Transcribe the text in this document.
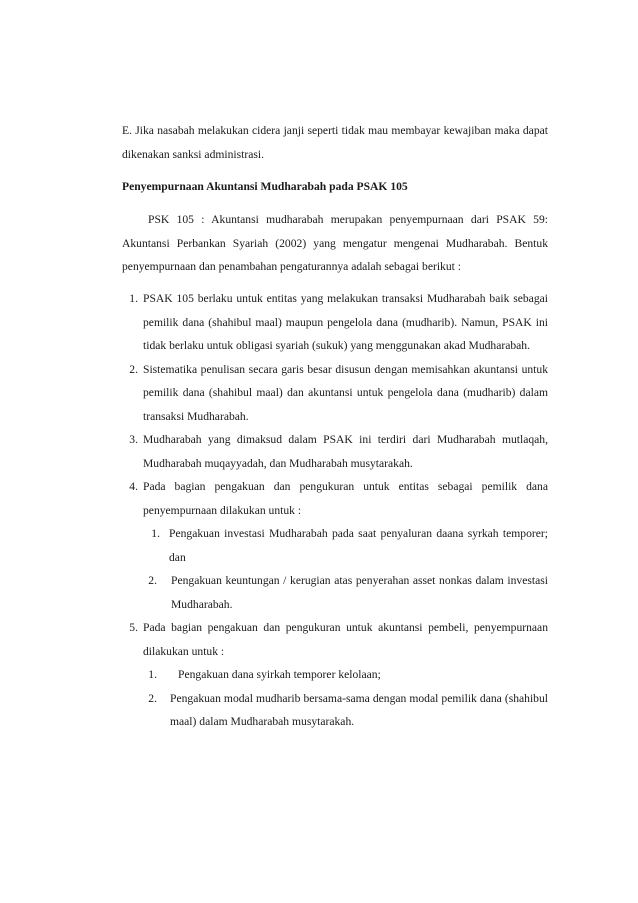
E. Jika nasabah melakukan cidera janji seperti tidak mau membayar kewajiban maka dapat dikenakan sanksi administrasi.

Penyempurnaan Akuntansi Mudharabah pada PSAK 105

PSK 105 : Akuntansi mudharabah merupakan penyempurnaan dari PSAK 59: Akuntansi Perbankan Syariah (2002) yang mengatur mengenai Mudharabah. Bentuk penyempurnaan dan penambahan pengaturannya adalah sebagai berikut :

1. PSAK 105 berlaku untuk entitas yang melakukan transaksi Mudharabah baik sebagai pemilik dana (shahibul maal) maupun pengelola dana (mudharib). Namun, PSAK ini tidak berlaku untuk obligasi syariah (sukuk) yang menggunakan akad Mudharabah.
2. Sistematika penulisan secara garis besar disusun dengan memisahkan akuntansi untuk pemilik dana (shahibul maal) dan akuntansi untuk pengelola dana (mudharib) dalam transaksi Mudharabah.
3. Mudharabah yang dimaksud dalam PSAK ini terdiri dari Mudharabah mutlaqah, Mudharabah muqayyadah, dan Mudharabah musytarakah.
4. Pada bagian pengakuan dan pengukuran untuk entitas sebagai pemilik dana penyempurnaan dilakukan untuk :
1. Pengakuan investasi Mudharabah pada saat penyaluran daana syrkah temporer; dan
2. Pengakuan keuntungan / kerugian atas penyerahan asset nonkas dalam investasi Mudharabah.
5. Pada bagian pengakuan dan pengukuran untuk akuntansi pembeli, penyempurnaan dilakukan untuk :
1. Pengakuan dana syirkah temporer kelolaan;
2. Pengakuan modal mudharib bersama-sama dengan modal pemilik dana (shahibul maal) dalam Mudharabah musytarakah.
